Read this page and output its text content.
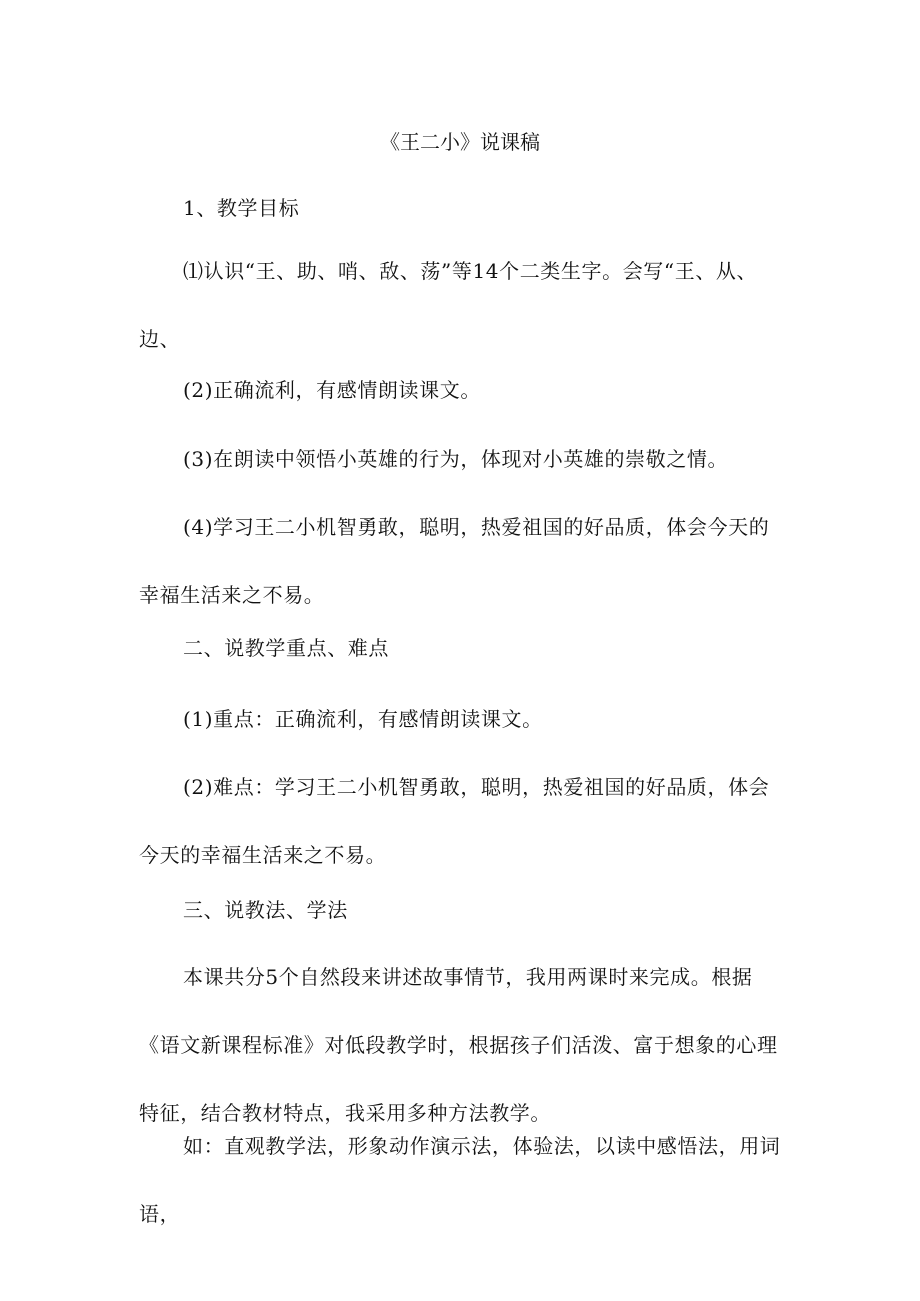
《王二小》说课稿

1、教学目标

⑴认识“王、助、哨、敌、荡”等14个二类生字。会写“王、从、边、

(2)正确流利，有感情朗读课文。

(3)在朗读中领悟小英雄的行为，体现对小英雄的崇敬之情。

(4)学习王二小机智勇敢，聪明，热爱祖国的好品质，体会今天的幸福生活来之不易。

二、说教学重点、难点

(1)重点：正确流利，有感情朗读课文。

(2)难点：学习王二小机智勇敢，聪明，热爱祖国的好品质，体会今天的幸福生活来之不易。

三、说教法、学法

本课共分5个自然段来讲述故事情节，我用两课时来完成。根据《语文新课程标准》对低段教学时，根据孩子们活泼、富于想象的心理特征，结合教材特点，我采用多种方法教学。

如：直观教学法，形象动作演示法，体验法，以读中感悟法，用词语，
